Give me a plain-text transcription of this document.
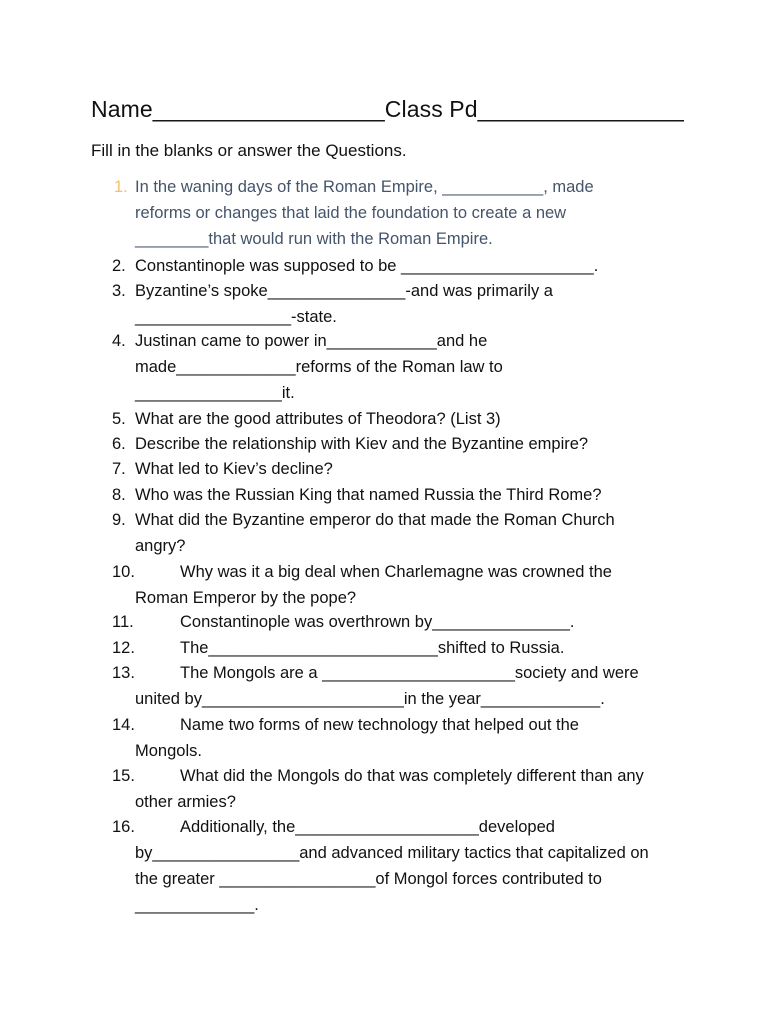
Name__________________Class Pd________________
Fill in the blanks or answer the Questions.
1. In the waning days of the Roman Empire, ___________, made
reforms or changes that laid the foundation to create a new
________that would run with the Roman Empire.
2. Constantinople was supposed to be _____________________.
3. Byzantine’s spoke_______________-and was primarily a
_________________-state.
4. Justinan came to power in____________and he
made_____________reforms of the Roman law to
________________it.
5. What are the good attributes of Theodora? (List 3)
6. Describe the relationship with Kiev and the Byzantine empire?
7. What led to Kiev’s decline?
8. Who was the Russian King that named Russia the Third Rome?
9. What did the Byzantine emperor do that made the Roman Church
angry?
10.	Why was it a big deal when Charlemagne was crowned the
Roman Emperor by the pope?
11.	Constantinople was overthrown by_______________.
12.	The_________________________shifted to Russia.
13.	The Mongols are a _____________________society and were
united by______________________in the year_____________.
14.	Name two forms of new technology that helped out the
Mongols.
15.	What did the Mongols do that was completely different than any
other armies?
16.	Additionally, the____________________developed
by________________and advanced military tactics that capitalized on
the greater _________________of Mongol forces contributed to
_____________.
